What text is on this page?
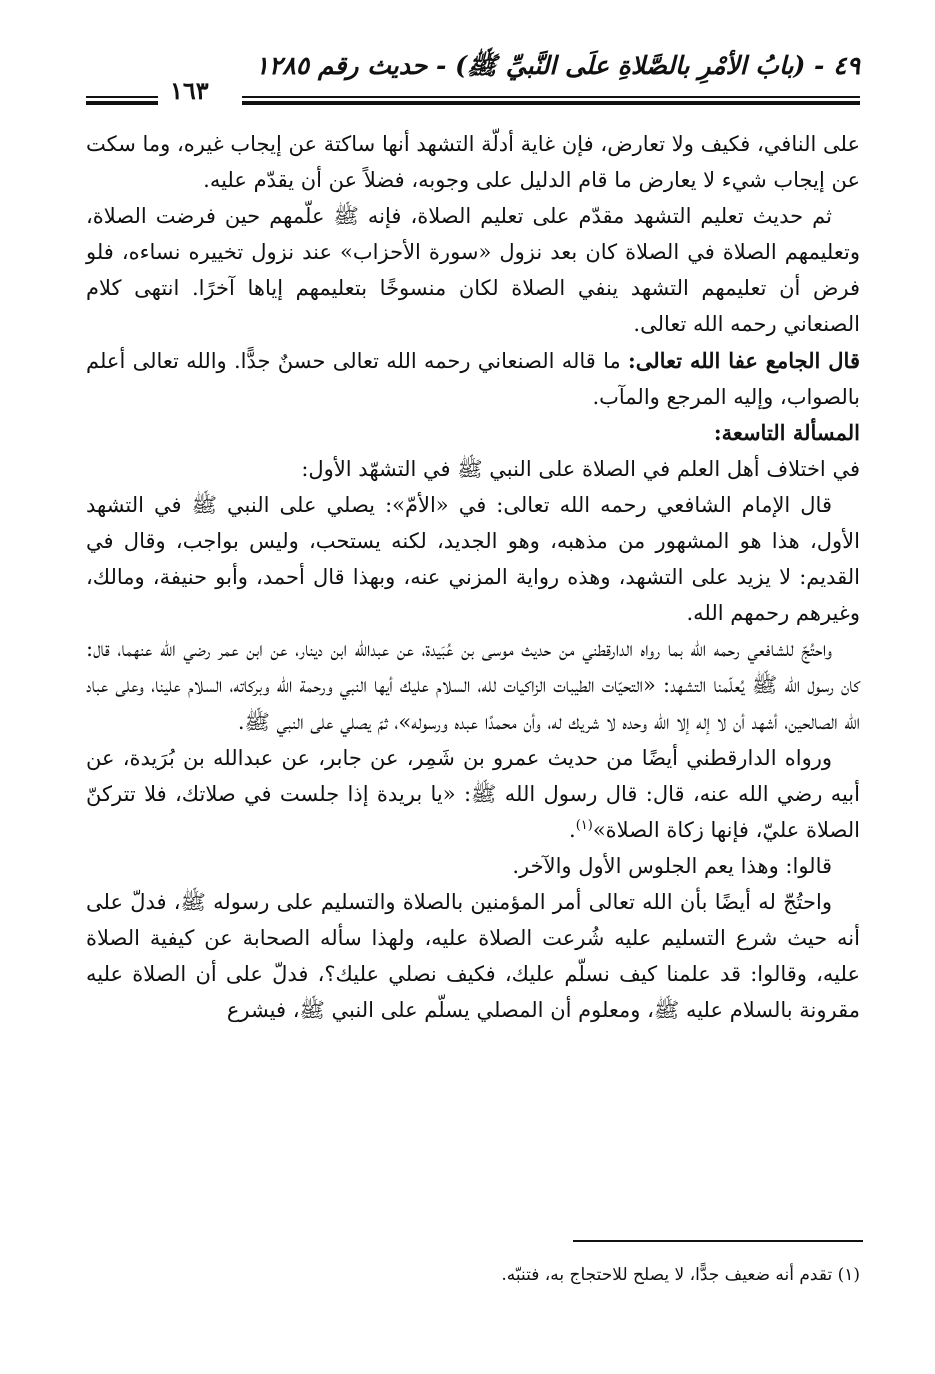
٤٩ - (بابُ الأمْرِ بالصَّلاةِ علَى النَّبيِّ ﷺ) - حديث رقم ١٢٨٥
١٦٣

على النافي، فكيف ولا تعارض، فإن غاية أدلّة التشهد أنها ساكتة عن إيجاب غيره، وما سكت عن إيجاب شيء لا يعارض ما قام الدليل على وجوبه، فضلاً عن أن يقدّم عليه.

ثم حديث تعليم التشهد مقدّم على تعليم الصلاة، فإنه ﷺ علّمهم حين فرضت الصلاة، وتعليمهم الصلاة في الصلاة كان بعد نزول «سورة الأحزاب» عند نزول تخييره نساءه، فلو فرض أن تعليمهم التشهد ينفي الصلاة لكان منسوخًا بتعليمهم إياها آخرًا. انتهى كلام الصنعاني رحمه الله تعالى.

قال الجامع عفا الله تعالى: ما قاله الصنعاني رحمه الله تعالى حسنٌ جدًّا. والله تعالى أعلم بالصواب، وإليه المرجع والمآب.

المسألة التاسعة:

في اختلاف أهل العلم في الصلاة على النبي ﷺ في التشهّد الأول:

قال الإمام الشافعي رحمه الله تعالى: في «الأمّ»: يصلي على النبي ﷺ في التشهد الأول، هذا هو المشهور من مذهبه، وهو الجديد، لكنه يستحب، وليس بواجب، وقال في القديم: لا يزيد على التشهد، وهذه رواية المزني عنه، وبهذا قال أحمد، وأبو حنيفة، ومالك، وغيرهم رحمهم الله.

واحتُجّ للشافعي رحمه الله بما رواه الدارقطني من حديث موسى بن عُبَيدة، عن عبدالله ابن دينار، عن ابن عمر رضي الله عنهما، قال: كان رسول الله ﷺ يُعلّمنا التشهد: «التحيّات الطيبات الزاكيات لله، السلام عليك أيها النبي ورحمة الله وبركاته، السلام علينا، وعلى عباد الله الصالحين، أشهد أن لا إله إلا الله وحده لا شريك له، وأن محمدًا عبده ورسوله»، ثمّ يصلي على النبي ﷺ.

ورواه الدارقطني أيضًا من حديث عمرو بن شَمِر، عن جابر، عن عبدالله بن بُرَيدة، عن أبيه رضي الله عنه، قال: قال رسول الله ﷺ: «يا بريدة إذا جلست في صلاتك، فلا تتركنّ الصلاة عليّ، فإنها زكاة الصلاة»$^{(١)}$.

قالوا: وهذا يعم الجلوس الأول والآخر.

واحتُجّ له أيضًا بأن الله تعالى أمر المؤمنين بالصلاة والتسليم على رسوله ﷺ، فدلّ على أنه حيث شرع التسليم عليه شُرعت الصلاة عليه، ولهذا سأله الصحابة عن كيفية الصلاة عليه، وقالوا: قد علمنا كيف نسلّم عليك، فكيف نصلي عليك؟، فدلّ على أن الصلاة عليه مقرونة بالسلام عليه ﷺ، ومعلوم أن المصلي يسلّم على النبي ﷺ، فيشرع

(١) تقدم أنه ضعيف جدًّا، لا يصلح للاحتجاج به، فتنبّه.
